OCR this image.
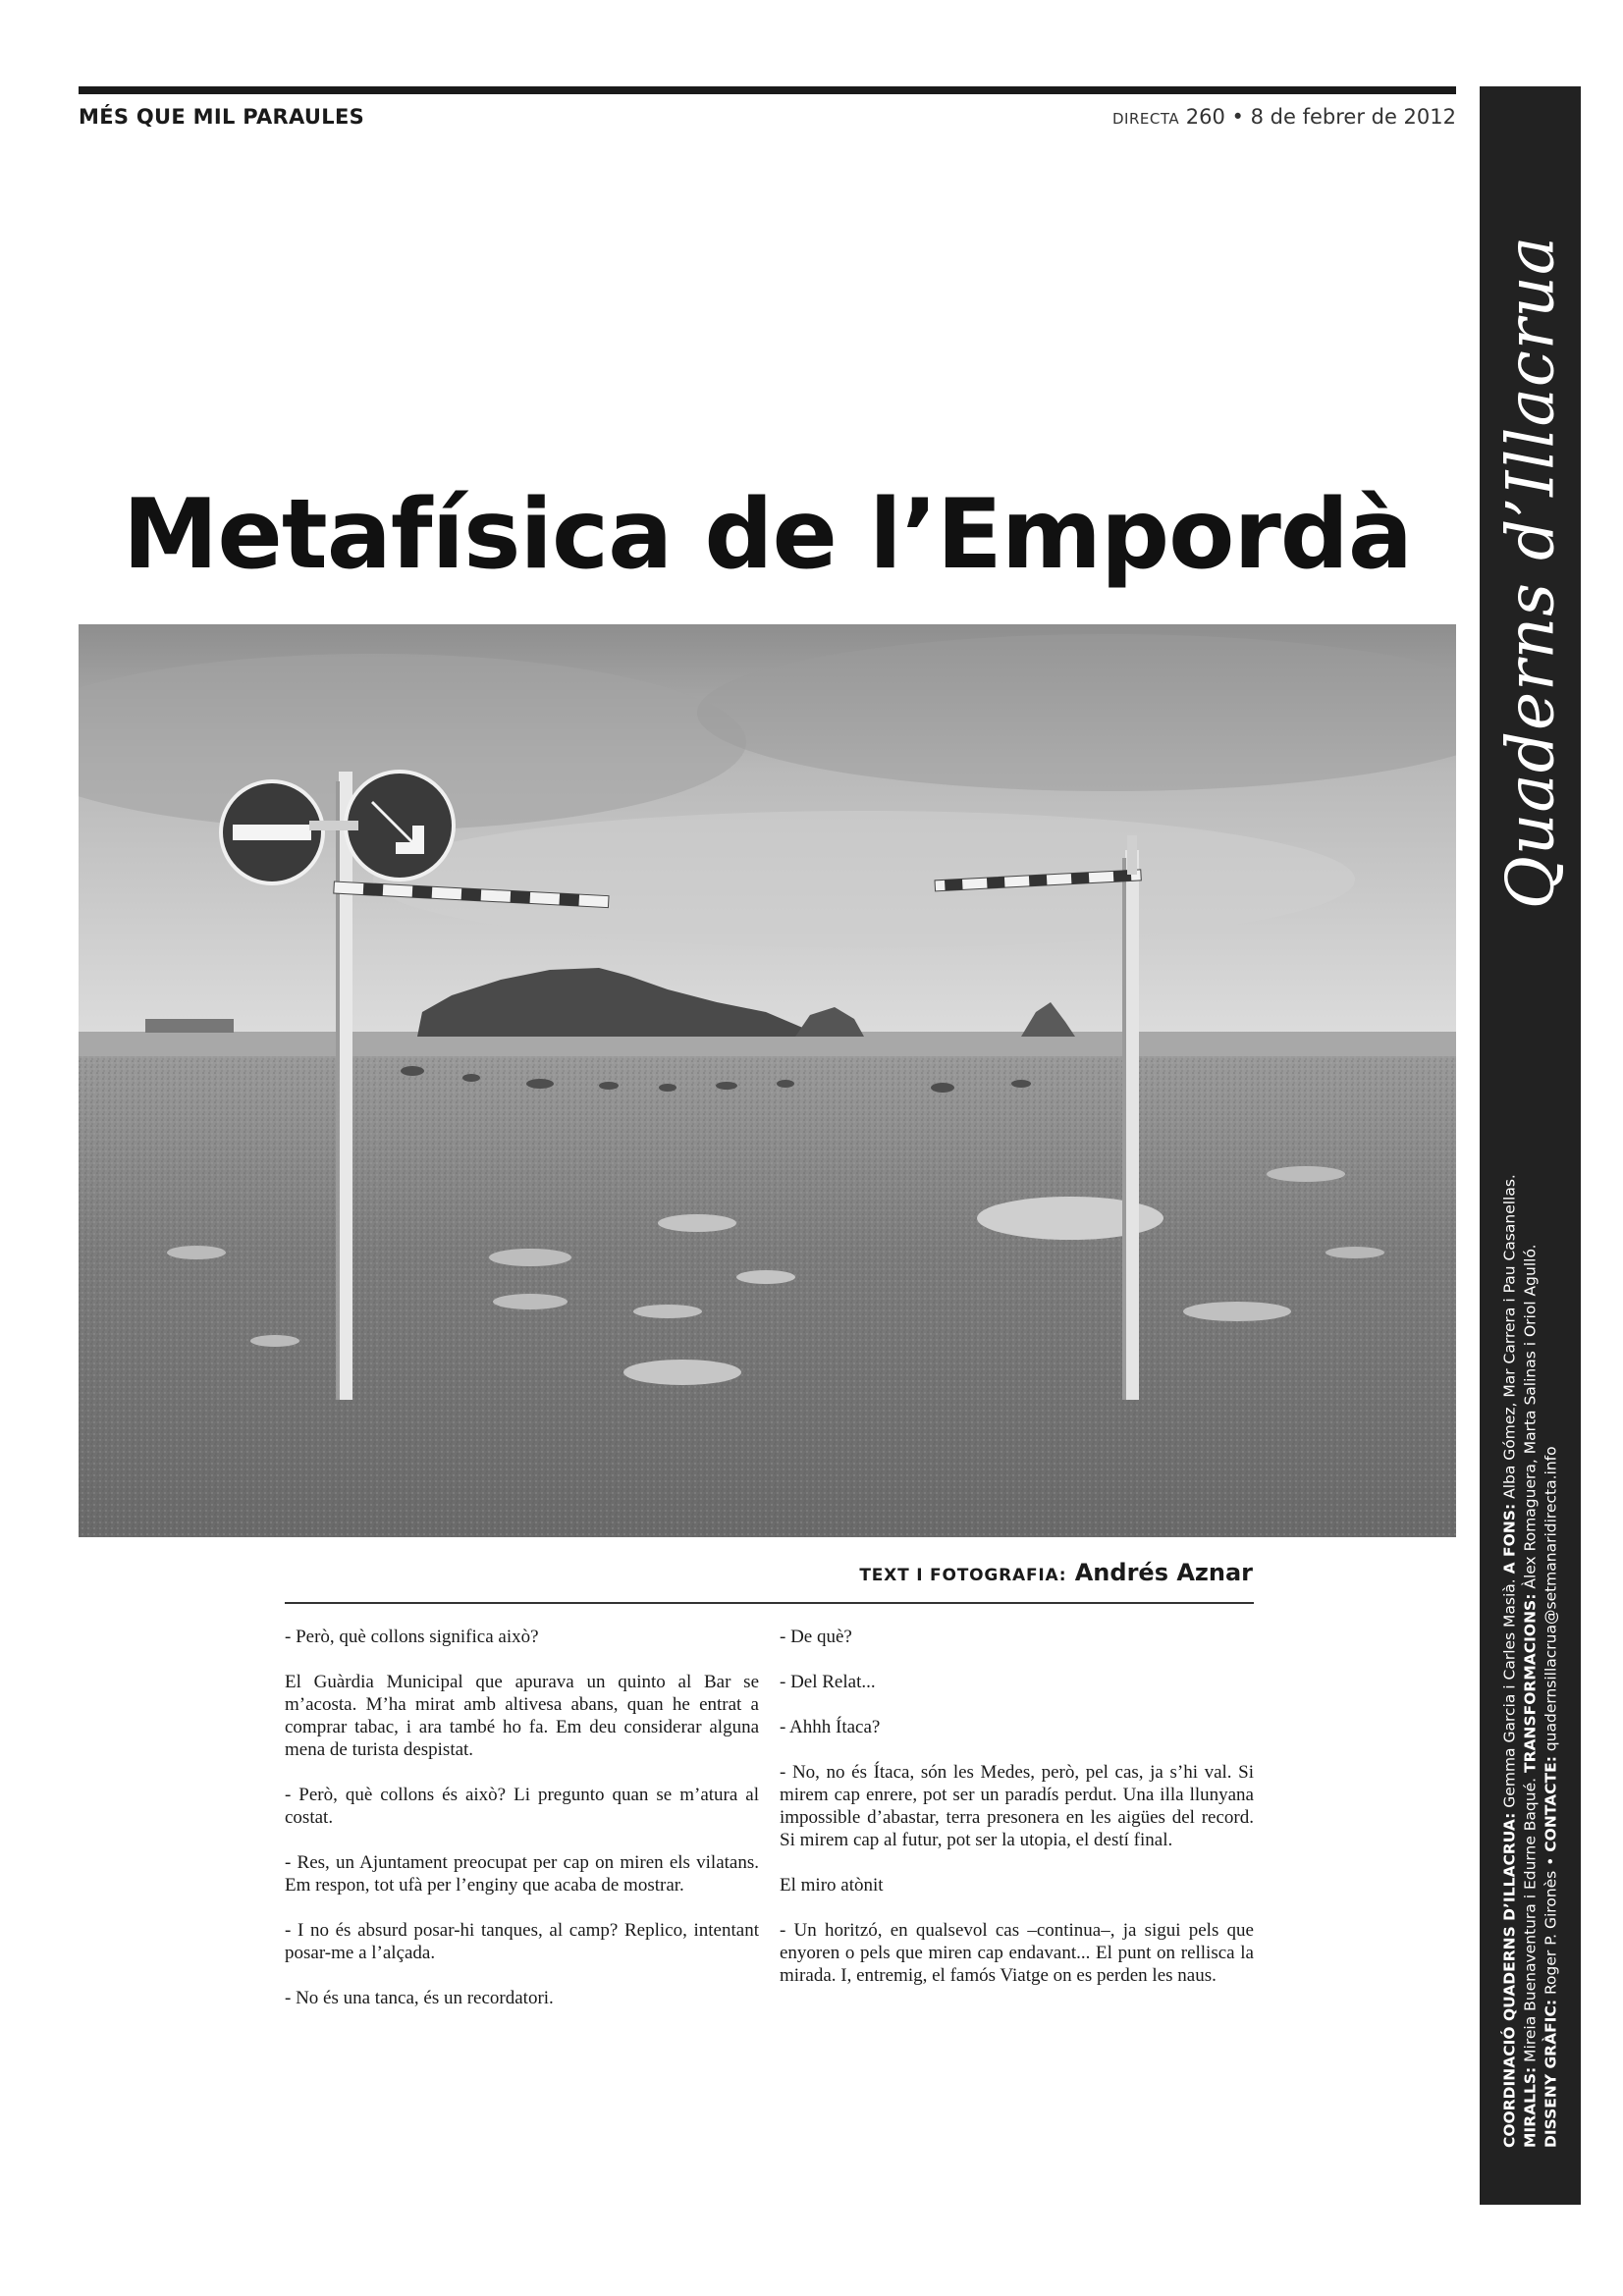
MÉS QUE MIL PARAULES	DIRECTA 260 • 8 de febrer de 2012
Quaderns d’Illacrua

COORDINACIÓ QUADERNS D’ILLACRUA: Gemma Garcia i Carles Masià. A FONS: Alba Gómez, Mar Carrera i Pau Casanellas.

MIRALLS: Mireia Buenaventura i Edurne Baqué. TRANSFORMACIONS: Àlex Romaguera, Marta Salinas i Oriol Agulló.

DISSENY GRÀFIC: Roger P. Gironès • CONTACTE: quadernsillacrua@setmanaridirecta.info

Metafísica de l’Empordà
TEXT I FOTOGRAFIA: Andrés Aznar

- Però, què collons significa això?

El Guàrdia Municipal que apurava un quinto al Bar se m’acosta. M’ha mirat amb altivesa abans, quan he entrat a comprar tabac, i ara també ho fa. Em deu considerar alguna mena de turista despistat.

- Però, què collons és això? Li pregunto quan se m’atura al costat.

- Res, un Ajuntament preocupat per cap on miren els vilatans. Em respon, tot ufà per l’enginy que acaba de mostrar.

- I no és absurd posar-hi tanques, al camp? Replico, intentant posar-me a l’alçada.

- No és una tanca, és un recordatori.

- De què?

- Del Relat...

- Ahhh Ítaca?

- No, no és Ítaca, són les Medes, però, pel cas, ja s’hi val. Si mirem cap enrere, pot ser un paradís perdut. Una illa llunyana impossible d’abastar, terra presonera en les aigües del record. Si mirem cap al futur, pot ser la utopia, el destí final.

El miro atònit

- Un horitzó, en qualsevol cas –continua–, ja sigui pels que enyoren o pels que miren cap endavant... El punt on rellisca la mirada. I, entremig, el famós Viatge on es perden les naus.
